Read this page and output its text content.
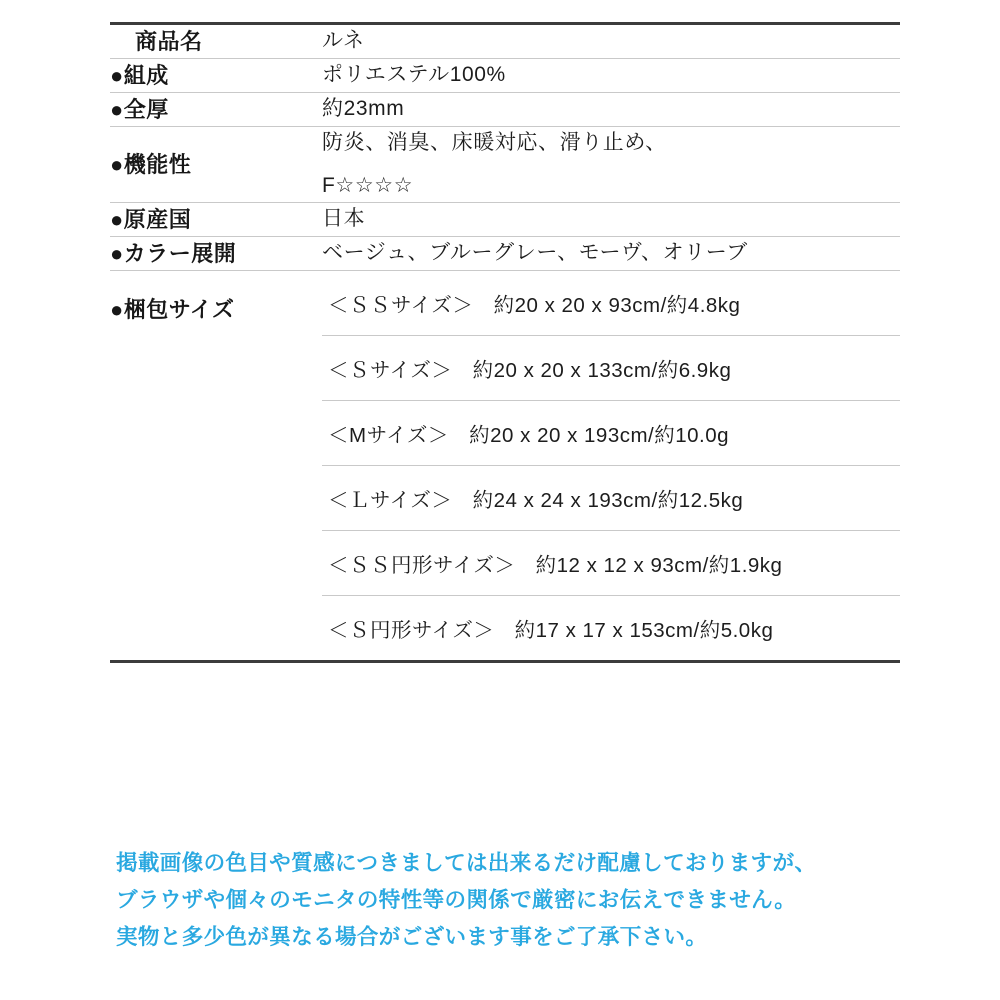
商品名	ルネ
●組成	ポリエステル100%
●全厚	約23mm
●機能性	防炎、消臭、床暖対応、滑り止め、
F☆☆☆☆

●原産国	日本
●カラー展開	ベージュ、ブルーグレー、モーヴ、オリーブ
●梱包サイズ		＜ＳＳサイズ＞ 約20 x 20 x 93cm/約4.8kg
＜Ｓサイズ＞ 約20 x 20 x 133cm/約6.9kg
＜Mサイズ＞ 約20 x 20 x 193cm/約10.0g
＜Ｌサイズ＞ 約24 x 24 x 193cm/約12.5kg
＜ＳＳ円形サイズ＞ 約12 x 12 x 93cm/約1.9kg
＜Ｓ円形サイズ＞ 約17 x 17 x 153cm/約5.0kg
掲載画像の色目や質感につきましては出来るだけ配慮しておりますが、
ブラウザや個々のモニタの特性等の関係で厳密にお伝えできません。
実物と多少色が異なる場合がございます事をご了承下さい。
